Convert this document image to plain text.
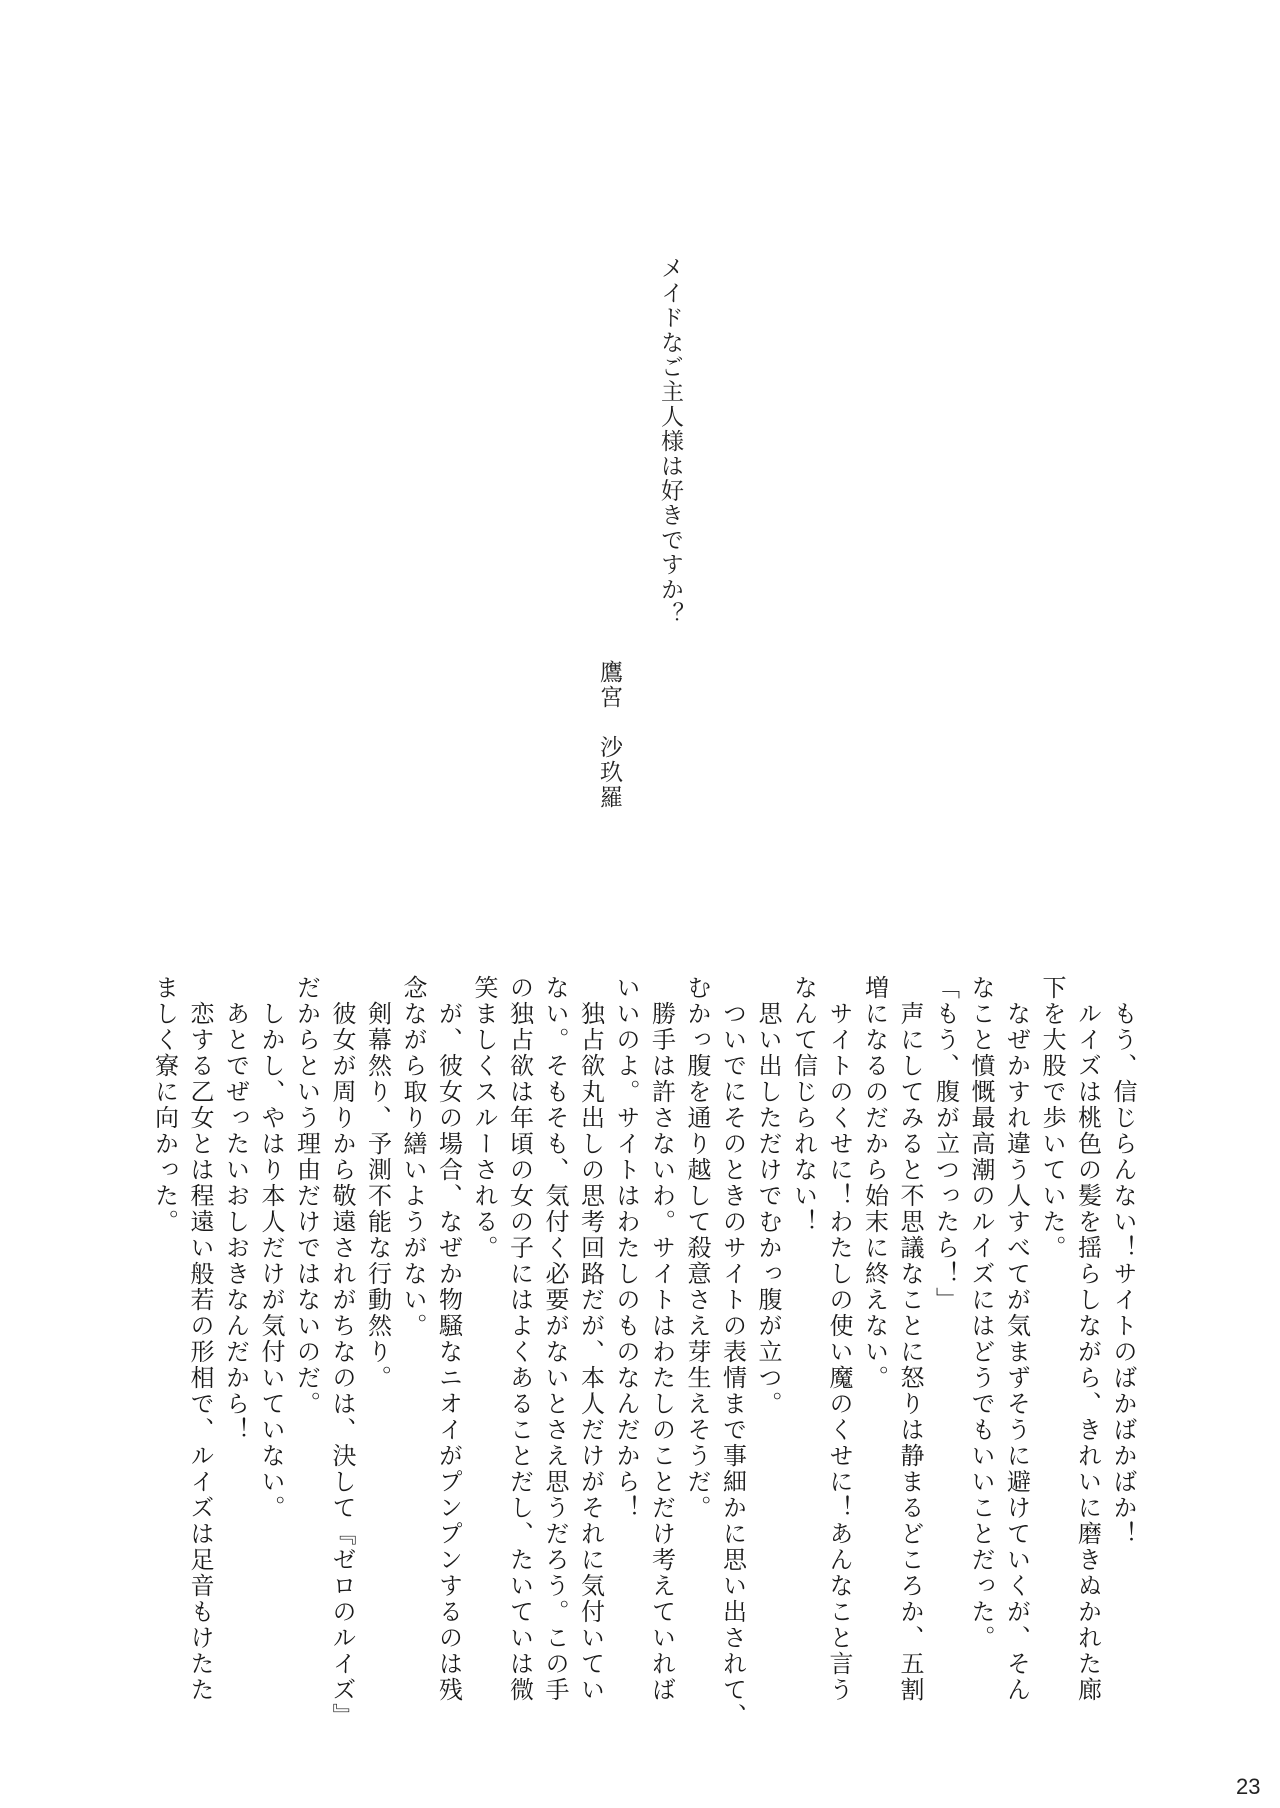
メイドなご主人様は好きですか？
鷹宮　沙玖羅
　もう、信じらんない！サイトのばかばかばか！
　ルイズは桃色の髪を揺らしながら、きれいに磨きぬかれた廊
下を大股で歩いていた。
　なぜかすれ違う人すべてが気まずそうに避けていくが、そん
なこと憤慨最高潮のルイズにはどうでもいいことだった。
「もう、腹が立つったら！」
　声にしてみると不思議なことに怒りは静まるどころか、五割
増になるのだから始末に終えない。
　サイトのくせに！わたしの使い魔のくせに！あんなこと言う
なんて信じられない！
　思い出しただけでむかっ腹が立つ。
　ついでにそのときのサイトの表情まで事細かに思い出されて、
むかっ腹を通り越して殺意さえ芽生えそうだ。
　勝手は許さないわ。サイトはわたしのことだけ考えていれば
いいのよ。サイトはわたしのものなんだから！
　独占欲丸出しの思考回路だが、本人だけがそれに気付いてい
ない。そもそも、気付く必要がないとさえ思うだろう。この手
の独占欲は年頃の女の子にはよくあることだし、たいていは微
笑ましくスルーされる。
　が、彼女の場合、なぜか物騒なニオイがプンプンするのは残
念ながら取り繕いようがない。
　剣幕然り、予測不能な行動然り。
　彼女が周りから敬遠されがちなのは、決して『ゼロのルイズ』
だからという理由だけではないのだ。
　しかし、やはり本人だけが気付いていない。
　あとでぜったいおしおきなんだから！
　恋する乙女とは程遠い般若の形相で、ルイズは足音もけたた
ましく寮に向かった。
23
